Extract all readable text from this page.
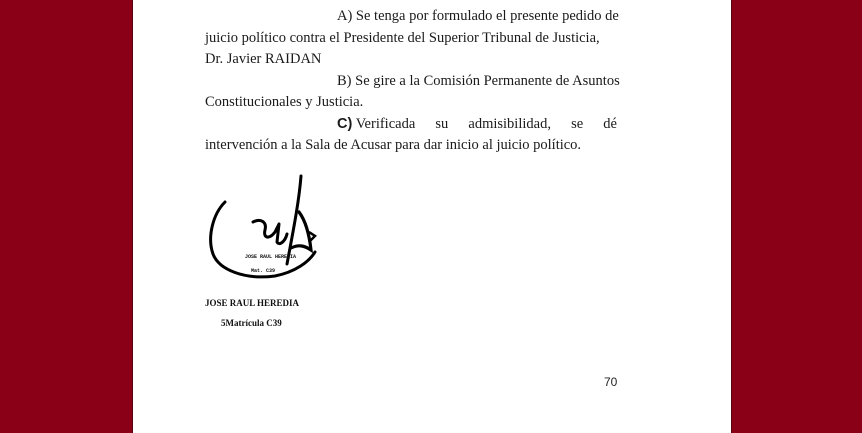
A) Se tenga por formulado el presente pedido de
juicio político contra el Presidente del Superior Tribunal de Justicia,
Dr. Javier RAIDAN
B) Se gire a la Comisión Permanente de Asuntos
Constitucionales y Justicia.
C) Verificada su admisibilidad, se dé
intervención a la Sala de Acusar para dar inicio al juicio político.
JOSE RAUL HEREDIA
Mat. C39
JOSE RAUL HEREDIA
5Matrícula C39
70
